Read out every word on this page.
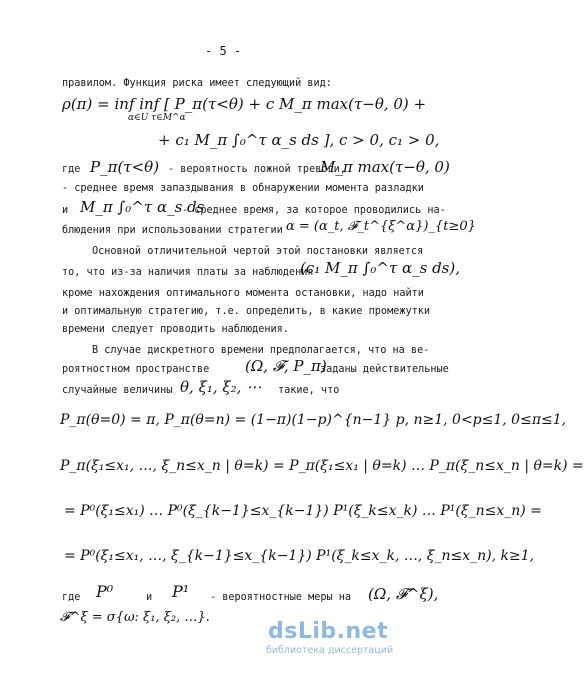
- 5 -
правилом. Функция риска имеет следующий вид:
ρ(π) = inf inf [ P_π(τ<θ) + c M_π max(τ−θ, 0) +
α∈U τ∈M^α
+ c₁ M_π ∫₀^τ α_s ds ], c > 0, c₁ > 0,
где P_π(τ<θ) - вероятность ложной тревоги,
M_π max(τ−θ, 0)
- среднее время запаздывания в обнаружении момента разладки
и M_π ∫₀^τ α_s ds
- среднее время, за которое проводились на-
блюдения при использовании стратегии α = (α_t, 𝓕_t^{ξ^α})_{t≥0}
Основной отличительной чертой этой постановки является
то, что из-за наличия платы за наблюдения
(c₁ M_π ∫₀^τ α_s ds),
кроме нахождения оптимального момента остановки, надо найти
и оптимальную стратегию, т.е. определить, в какие промежутки
времени следует проводить наблюдения.
В случае дискретного времени предполагается, что на ве-
роятностном пространстве (Ω, 𝓕, P_π)
заданы действительные
случайные величины θ, ξ₁, ξ₂, ⋯ такие, что
P_π(θ=0) = π, P_π(θ=n) = (1−π)(1−p)^{n−1} p, n≥1, 0<p≤1, 0≤π≤1,
P_π(ξ₁≤x₁, …, ξ_n≤x_n | θ=k) = P_π(ξ₁≤x₁ | θ=k) … P_π(ξ_n≤x_n | θ=k) =
= P⁰(ξ₁≤x₁) … P⁰(ξ_{k−1}≤x_{k−1}) P¹(ξ_k≤x_k) … P¹(ξ_n≤x_n) =
= P⁰(ξ₁≤x₁, …, ξ_{k−1}≤x_{k−1}) P¹(ξ_k≤x_k, …, ξ_n≤x_n), k≥1,
где P⁰	и P¹ - вероятностные меры на (Ω, 𝓕^ξ),
𝓕^ξ = σ{ω: ξ₁, ξ₂, …}.
dsLib.net
библиотека диссертаций
